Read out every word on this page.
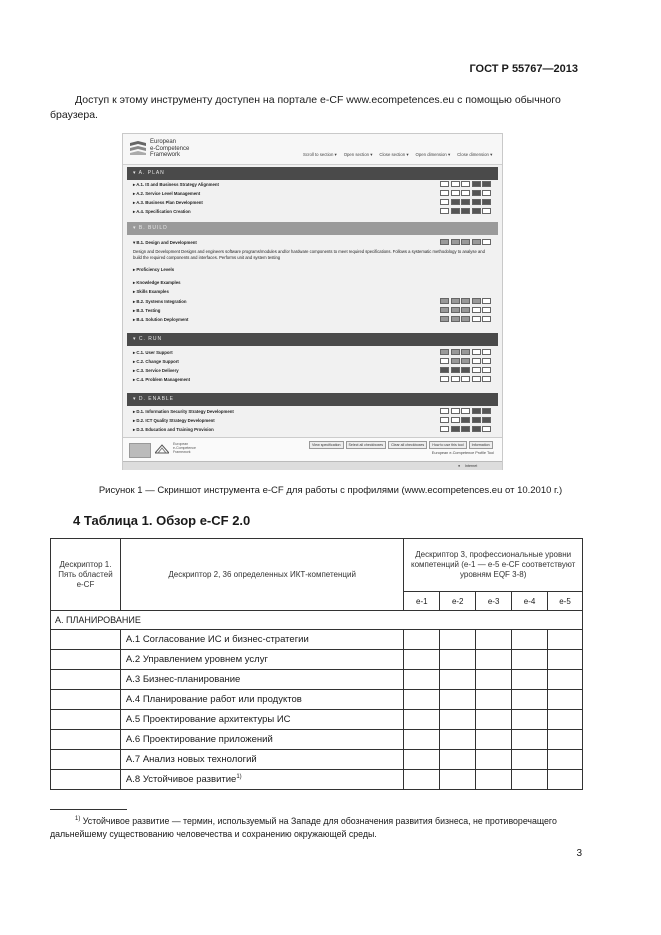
ГОСТ Р 55767—2013
Доступ к этому инструменту доступен на портале e-CF www.ecompetences.eu с помощью обычного браузера.
European
e-Competence
Framework	Scroll to section ▾ Open section ▾ Close section ▾ Open dimension ▾ Close dimension ▾
▾ A. PLAN
▸ A.1. IS and Business Strategy Alignment
▸ A.2. Service Level Management
▸ A.3. Business Plan Development
▸ A.4. Specification Creation
▾ B. BUILD
▾ B.1. Design and Development
Design and Development Designs and engineers software programs/modules and/or hardware components to meet required specifications. Follows a systematic methodology to analyse and build the required components and interfaces. Performs unit and system testing
▸ Proficiency Levels
▸ Knowledge Examples
▸ Skills Examples
▸ B.2. Systems Integration
▸ B.3. Testing
▸ B.4. Solution Deployment
▾ C. RUN
▸ C.1. User Support
▸ C.2. Change Support
▸ C.3. Service Delivery
▸ C.4. Problem Management
▾ D. ENABLE
▸ D.1. Information Security Strategy Development
▸ D.2. ICT Quality Strategy Development
▸ D.3. Education and Training Provision
European
e-Competence
Framework
View specification	Select all checkboxes	Clear all checkboxes	How to use this tool	Information
European e-Competence Profile Tool
● Internet
Рисунок 1 — Скриншот инструмента e-CF для работы с профилями (www.ecompetences.eu от 10.2010 г.)
4 Таблица 1. Обзор e-CF 2.0
Дескриптор 1. Пять областей e-CF	Дескриптор 2, 36 определенных ИКТ-компетенций	Дескриптор 3, профессиональные уровни компетенций (e-1 — e-5 e-CF соответствуют уровням EQF 3-8)				
		e-1	e-2	e-3	e-4	e-5
А. ПЛАНИРОВАНИЕ						
	А.1 Согласование ИС и бизнес-стратегии					
	А.2 Управлением уровнем услуг					
	А.3 Бизнес-планирование					
	А.4 Планирование работ или продуктов					
	А.5 Проектирование архитектуры ИС					
	А.6 Проектирование приложений					
	А.7 Анализ новых технологий					
	А.8 Устойчивое развитие$^{1)}$					
$^{1)}$ Устойчивое развитие — термин, используемый на Западе для обозначения развития бизнеса, не противоречащего дальнейшему существованию человечества и сохранению окружающей среды.
3
